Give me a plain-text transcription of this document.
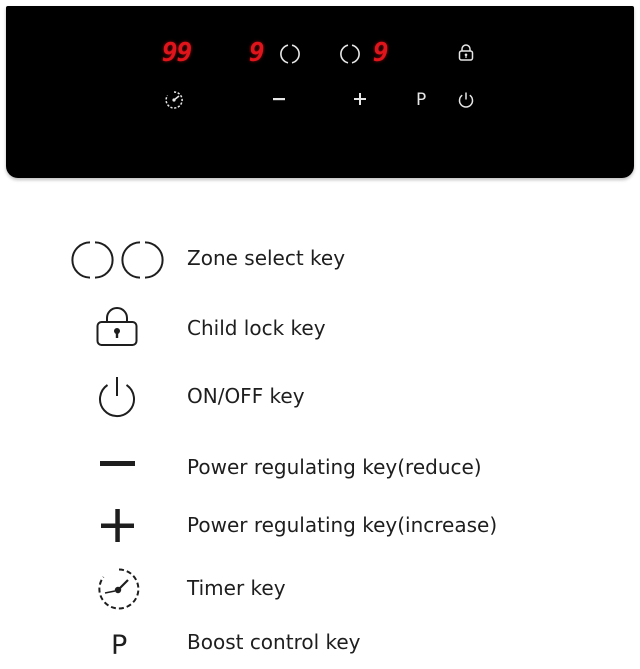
99 9	9
P
Zone select key
Child lock key
ON/OFF key
Power regulating key(reduce)
Power regulating key(increase)
Timer key
P	Boost control key
